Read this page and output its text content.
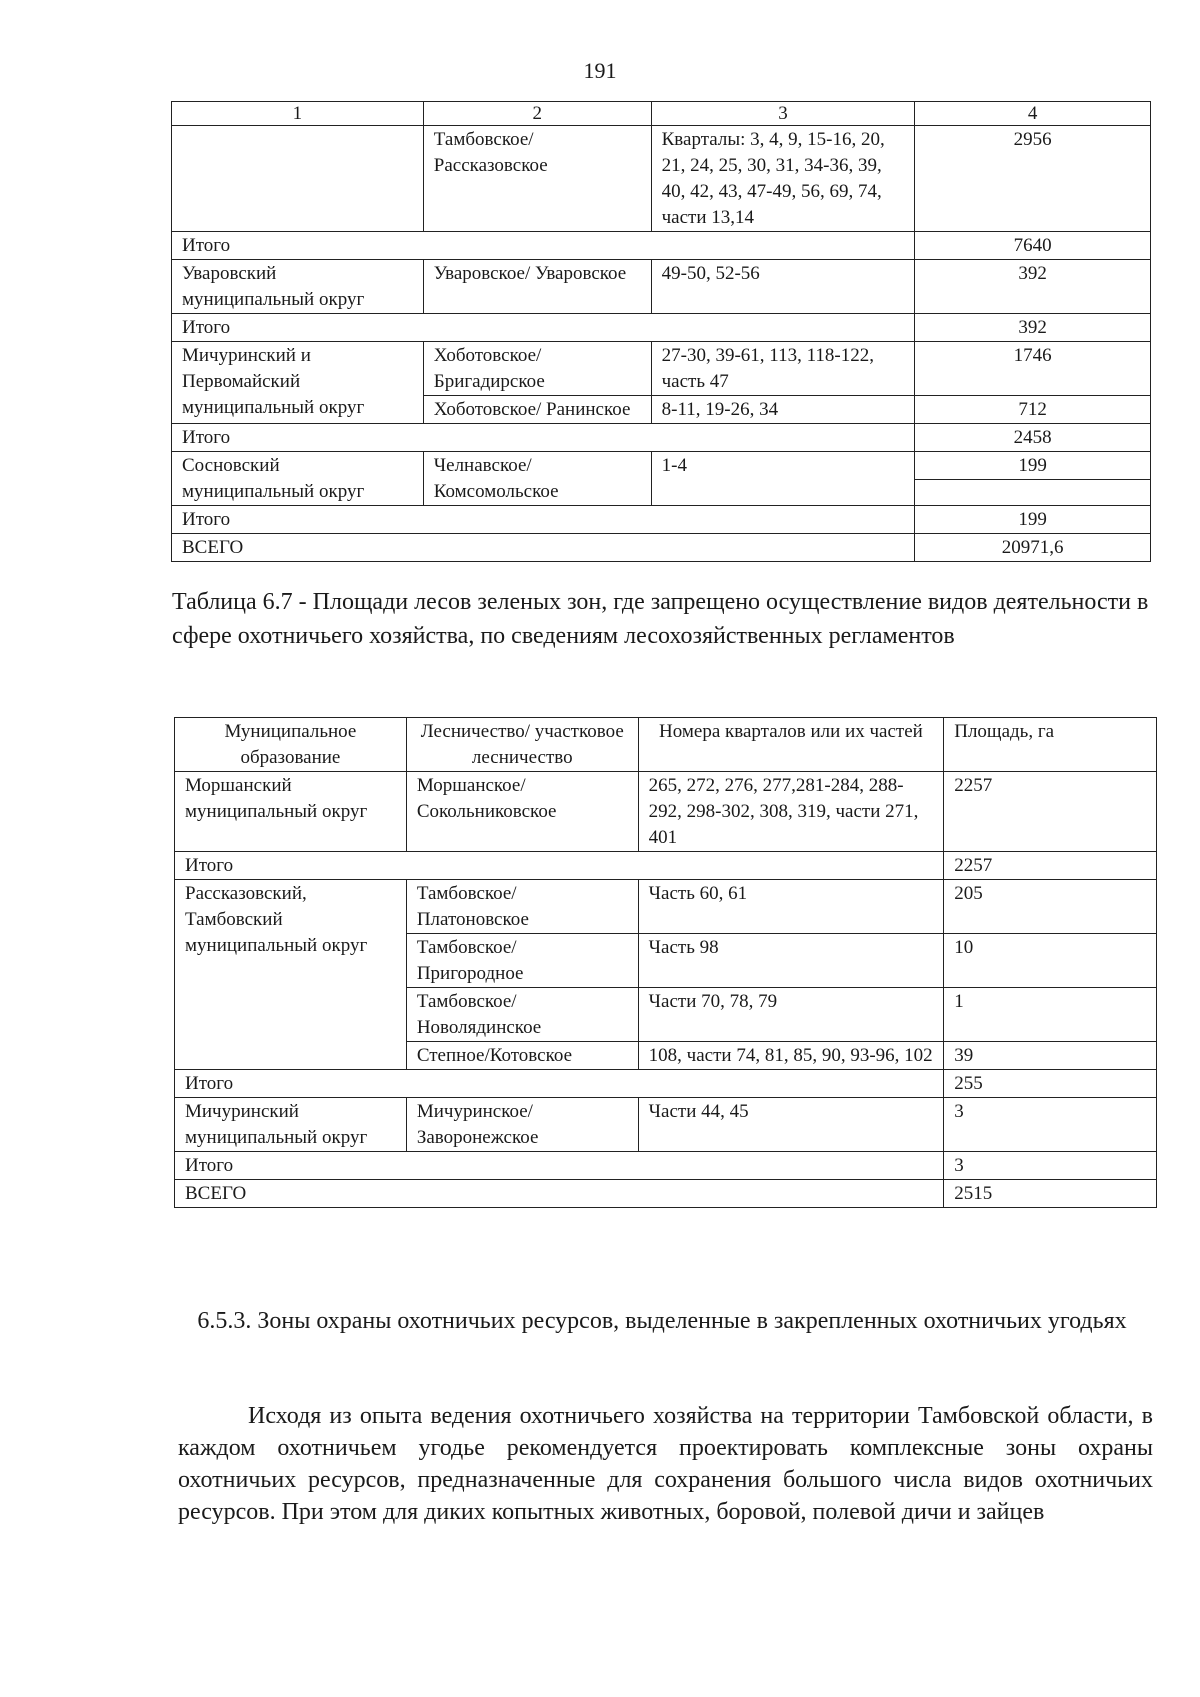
191
1	2	3	4
	Тамбовское/ Рассказовское	Кварталы: 3, 4, 9, 15-16, 20, 21, 24, 25, 30, 31, 34-36, 39, 40, 42, 43, 47-49, 56, 69, 74, части 13,14	2956
Итого			7640
Уваровский муниципальный округ	Уваровское/ Уваровское	49-50, 52-56	392
Итого			392
Мичуринский и Первомайский муниципальный округ	Хоботовское/ Бригадирское	27-30, 39-61, 113, 118-122, часть 47	1746
	Хоботовское/ Ранинское	8-11, 19-26, 34	712
Итого			2458
Сосновский муниципальный округ	Челнавское/ Комсомольское	1-4	199

Итого			199
ВСЕГО			20971,6
Таблица 6.7 - Площади лесов зеленых зон, где запрещено осуществление видов деятельности в сфере охотничьего хозяйства, по сведениям лесохозяйственных регламентов
Муниципальное образование	Лесничество/ участковое лесничество	Номера кварталов или их частей	Площадь, га
Моршанский муниципальный округ	Моршанское/ Сокольниковское	265, 272, 276, 277,281-284, 288-292, 298-302, 308, 319, части 271, 401	2257
Итого			2257
Рассказовский, Тамбовский муниципальный округ	Тамбовское/ Платоновское	Часть 60, 61	205
	Тамбовское/ Пригородное	Часть 98	10
	Тамбовское/ Новолядинское	Части 70, 78, 79	1
	Степное/Котовское	108, части 74, 81, 85, 90, 93-96, 102	39
Итого			255
Мичуринский муниципальный округ	Мичуринское/ Заворонежское	Части 44, 45	3
Итого			3
ВСЕГО			2515
6.5.3. Зоны охраны охотничьих ресурсов, выделенные в закрепленных охотничьих угодьях
Исходя из опыта ведения охотничьего хозяйства на территории Тамбовской области, в каждом охотничьем угодье рекомендуется проектировать комплексные зоны охраны охотничьих ресурсов, предназначенные для сохранения большого числа видов охотничьих ресурсов. При этом для диких копытных животных, боровой, полевой дичи и зайцев
